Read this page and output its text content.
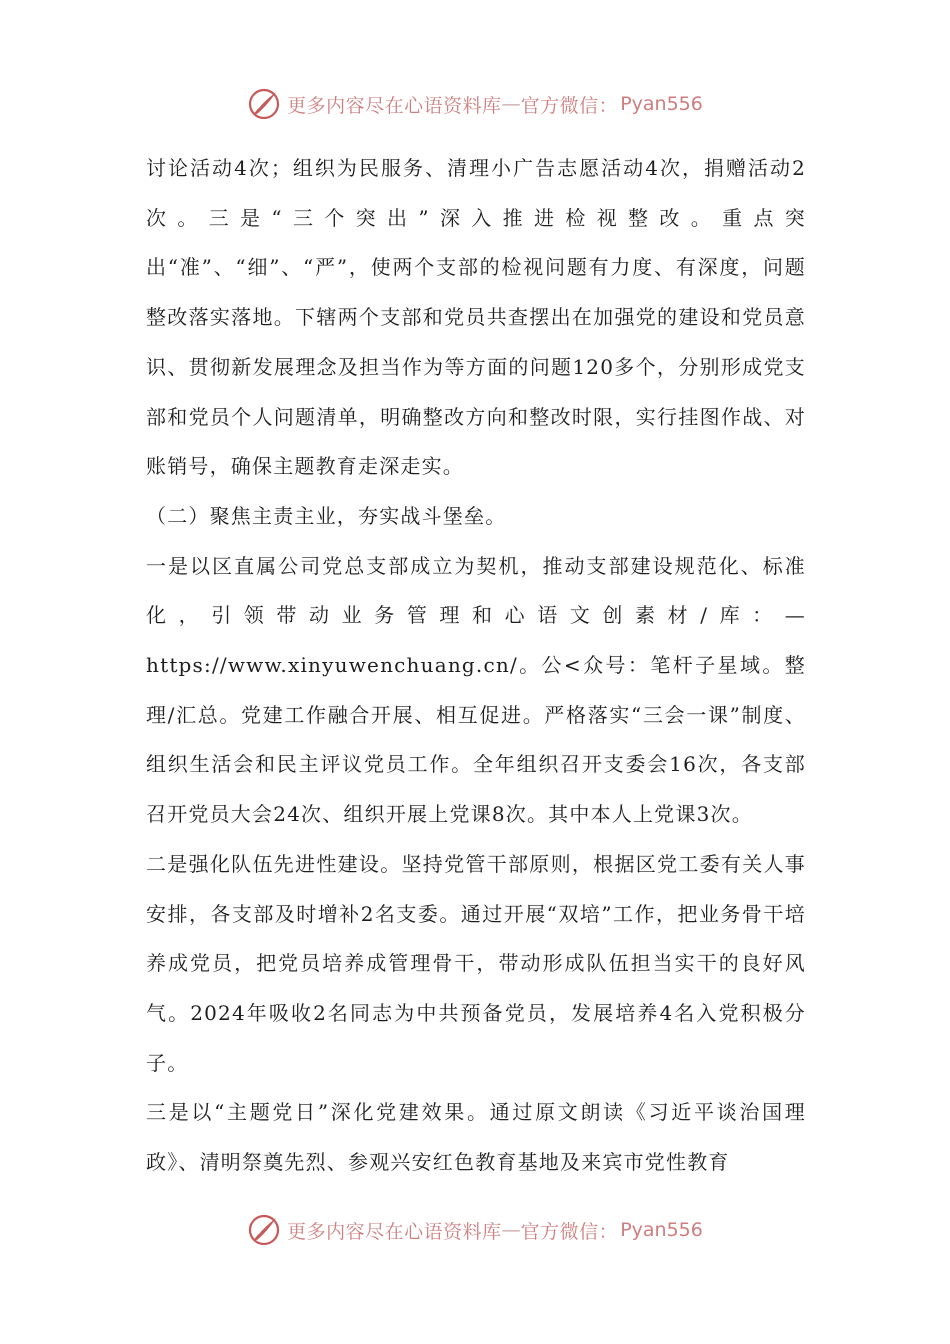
更多内容尽在心语资料库 — 官方微信： Pyan556

讨论活动4次；组织为民服务、清理小广告志愿活动4次，捐赠活动2次。三是“三个突出”深入推进检视整改。重点突出“准”、“细”、“严”，使两个支部的检视问题有力度、有深度，问题整改落实落地。下辖两个支部和党员共查摆出在加强党的建设和党员意识、贯彻新发展理念及担当作为等方面的问题120多个，分别形成党支部和党员个人问题清单，明确整改方向和整改时限，实行挂图作战、对账销号，确保主题教育走深走实。

（二）聚焦主责主业，夯实战斗堡垒。

一是以区直属公司党总支部成立为契机，推动支部建设规范化、标准化，引领带动业务管理和心语文创素材/库：—https://www.xinyuwenchuang.cn/。公<众号：笔杆子星域。整理/汇总。党建工作融合开展、相互促进。严格落实“三会一课”制度、组织生活会和民主评议党员工作。全年组织召开支委会16次，各支部召开党员大会24次、组织开展上党课8次。其中本人上党课3次。

二是强化队伍先进性建设。坚持党管干部原则，根据区党工委有关人事安排，各支部及时增补2名支委。通过开展“双培”工作，把业务骨干培养成党员，把党员培养成管理骨干，带动形成队伍担当实干的良好风气。2024年吸收2名同志为中共预备党员，发展培养4名入党积极分子。

三是以“主题党日”深化党建效果。通过原文朗读《习近平谈治国理政》、清明祭奠先烈、参观兴安红色教育基地及来宾市党性教育

更多内容尽在心语资料库 — 官方微信： Pyan556
